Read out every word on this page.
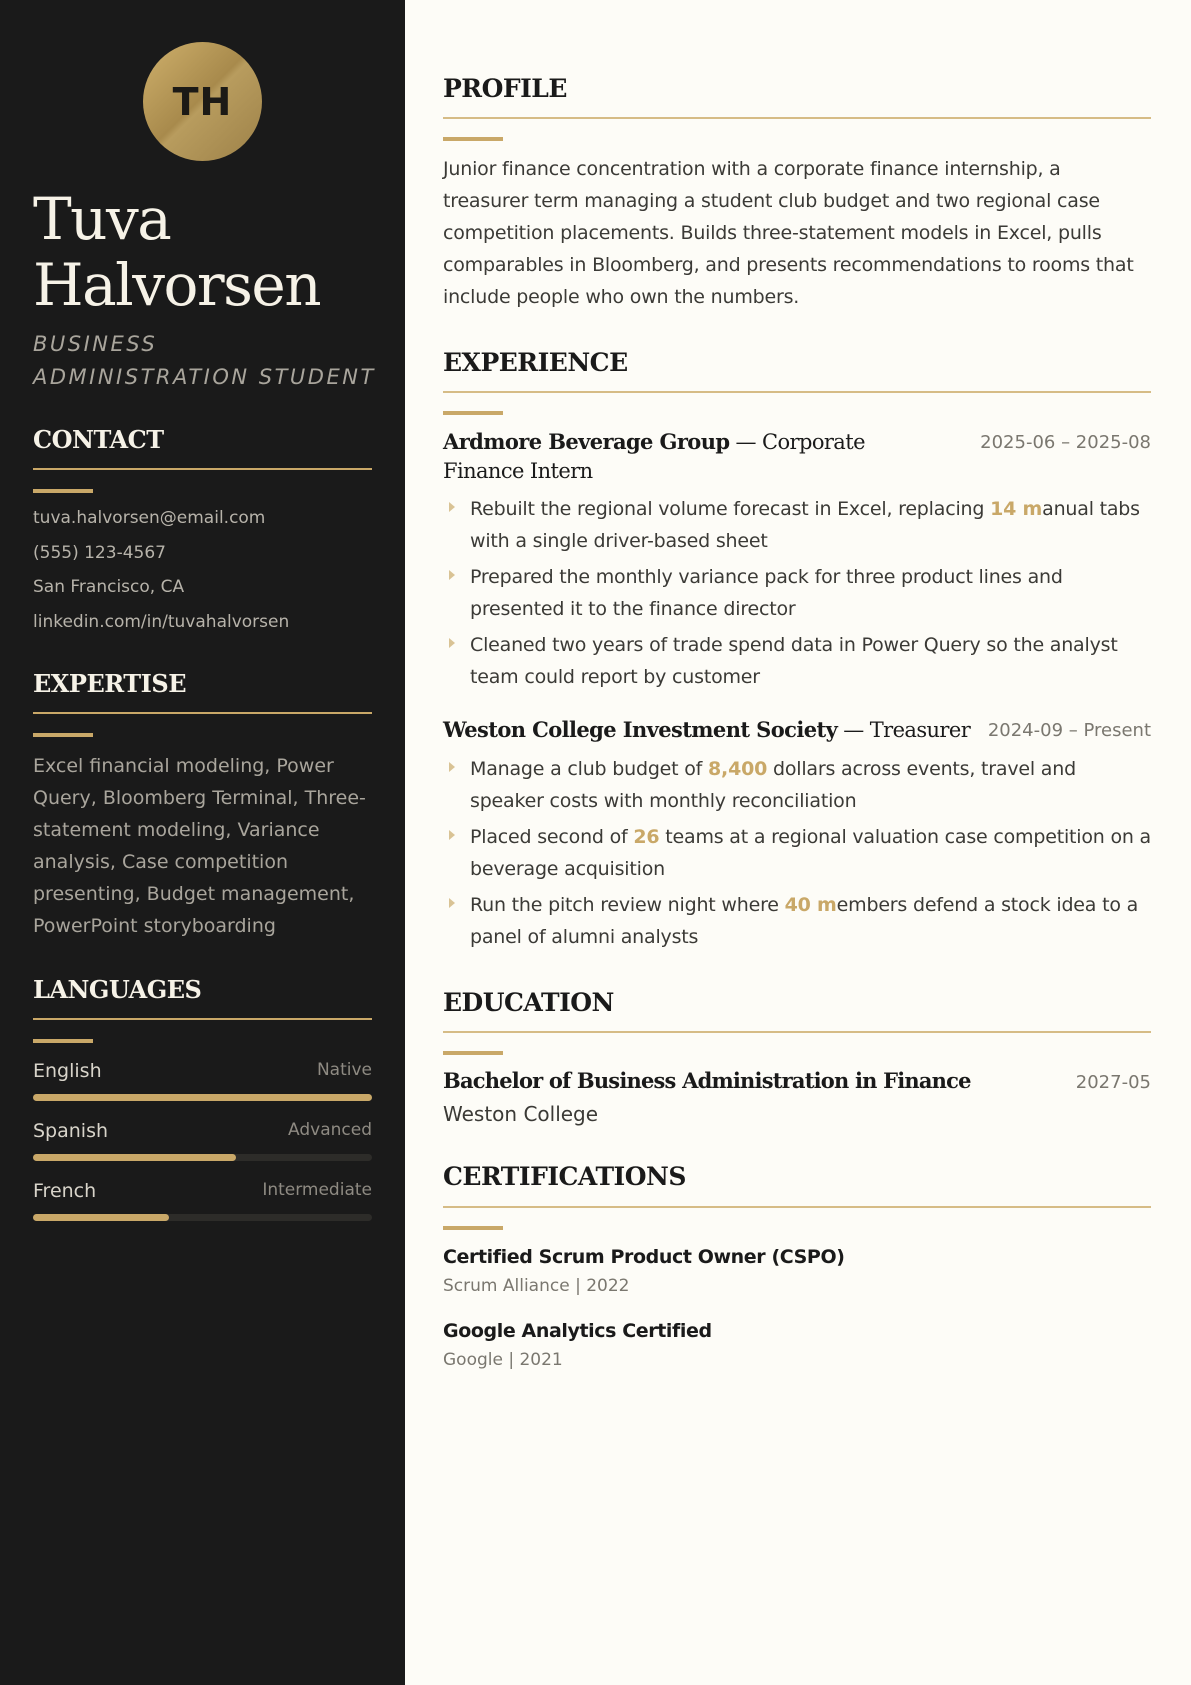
TH
Tuva
Halvorsen
BUSINESS ADMINISTRATION STUDENT
CONTACT
tuva.halvorsen@email.com
(555) 123-4567
San Francisco, CA
linkedin.com/in/tuvahalvorsen
EXPERTISE
Excel financial modeling, Power Query, Bloomberg Terminal, Three-statement modeling, Variance analysis, Case competition presenting, Budget management, PowerPoint storyboarding
LANGUAGES
English	Native
Spanish	Advanced
French	Intermediate
PROFILE
Junior finance concentration with a corporate finance internship, a treasurer term managing a student club budget and two regional case competition placements. Builds three-statement models in Excel, pulls comparables in Bloomberg, and presents recommendations to rooms that include people who own the numbers.
EXPERIENCE
Ardmore Beverage Group — Corporate Finance Intern
2025-06 – 2025-08
Rebuilt the regional volume forecast in Excel, replacing 14 manual tabs with a single driver-based sheet
Prepared the monthly variance pack for three product lines and presented it to the finance director
Cleaned two years of trade spend data in Power Query so the analyst team could report by customer
Weston College Investment Society — Treasurer 2024-09 – Present
Manage a club budget of 8,400 dollars across events, travel and speaker costs with monthly reconciliation
Placed second of 26 teams at a regional valuation case competition on a beverage acquisition
Run the pitch review night where 40 members defend a stock idea to a panel of alumni analysts
EDUCATION
Bachelor of Business Administration in Finance	2027-05
Weston College
CERTIFICATIONS
Certified Scrum Product Owner (CSPO)
Scrum Alliance | 2022
Google Analytics Certified
Google | 2021
